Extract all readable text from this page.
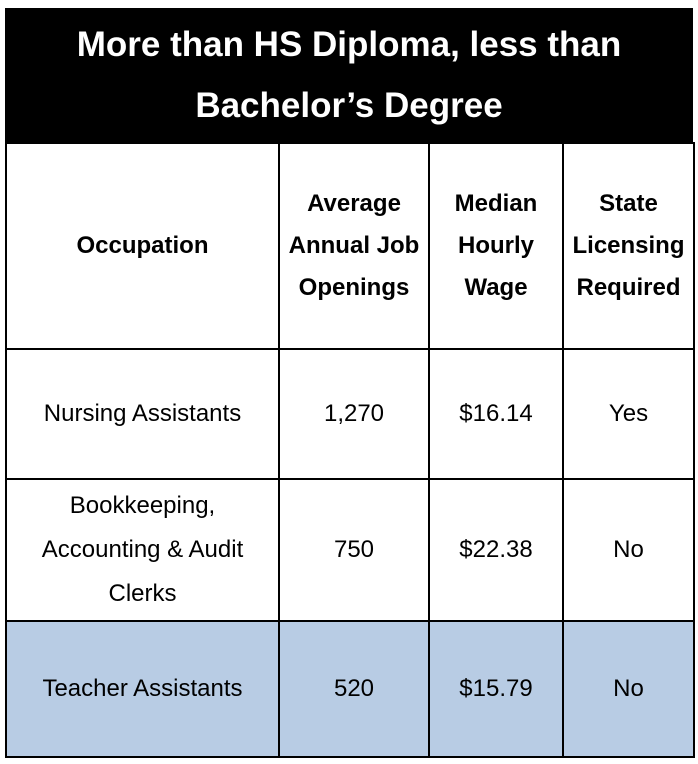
More than HS Diploma, less than Bachelor’s Degree
Occupation	Average Annual Job Openings	Median Hourly Wage	State Licensing Required
Nursing Assistants	1,270	$16.14	Yes
Bookkeeping, Accounting & Audit Clerks	750	$22.38	No
Teacher Assistants	520	$15.79	No
